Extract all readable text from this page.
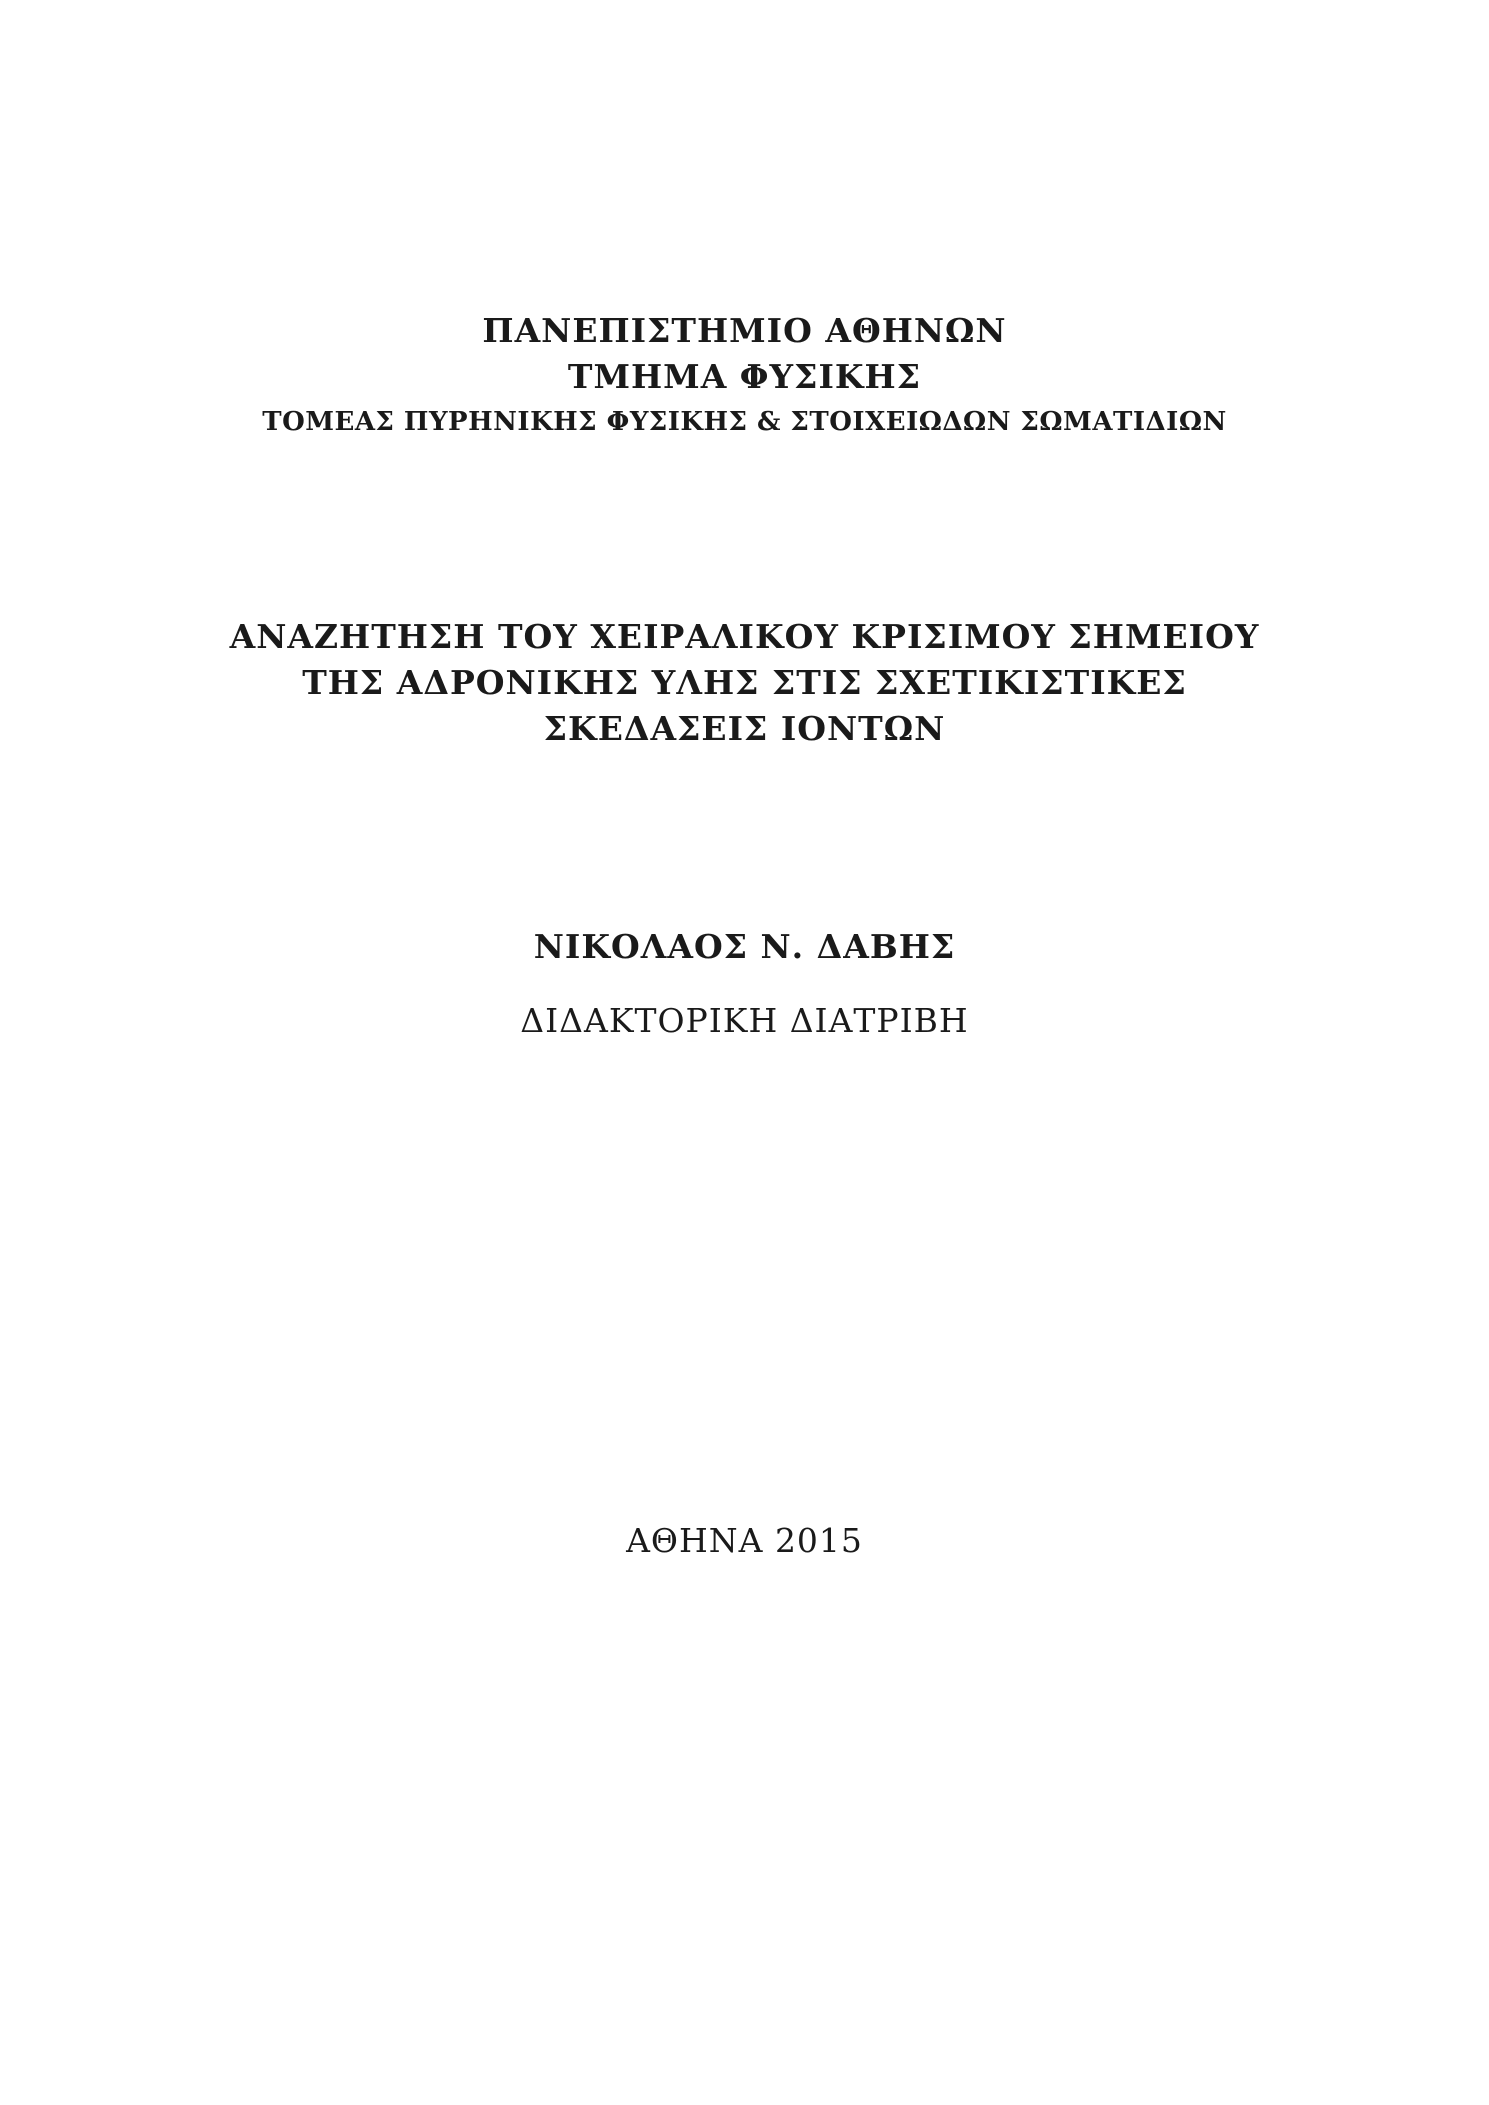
ΠΑΝΕΠΙΣΤΗΜΙΟ ΑΘΗΝΩΝ
ΤΜΗΜΑ ΦΥΣΙΚΗΣ
ΤΟΜΕΑΣ ΠΥΡΗΝΙΚΗΣ ΦΥΣΙΚΗΣ & ΣΤΟΙΧΕΙΩΔΩΝ ΣΩΜΑΤΙΔΙΩΝ
ΑΝΑΖΗΤΗΣΗ ΤΟΥ ΧΕΙΡΑΛΙΚΟΥ ΚΡΙΣΙΜΟΥ ΣΗΜΕΙΟΥ
ΤΗΣ ΑΔΡΟΝΙΚΗΣ ΥΛΗΣ ΣΤΙΣ ΣΧΕΤΙΚΙΣΤΙΚΕΣ
ΣΚΕΔΑΣΕΙΣ ΙΟΝΤΩΝ
ΝΙΚΟΛΑΟΣ Ν. ΔΑΒΗΣ
ΔΙΔΑΚΤΟΡΙΚΗ ΔΙΑΤΡΙΒΗ
ΑΘΗΝΑ 2015
